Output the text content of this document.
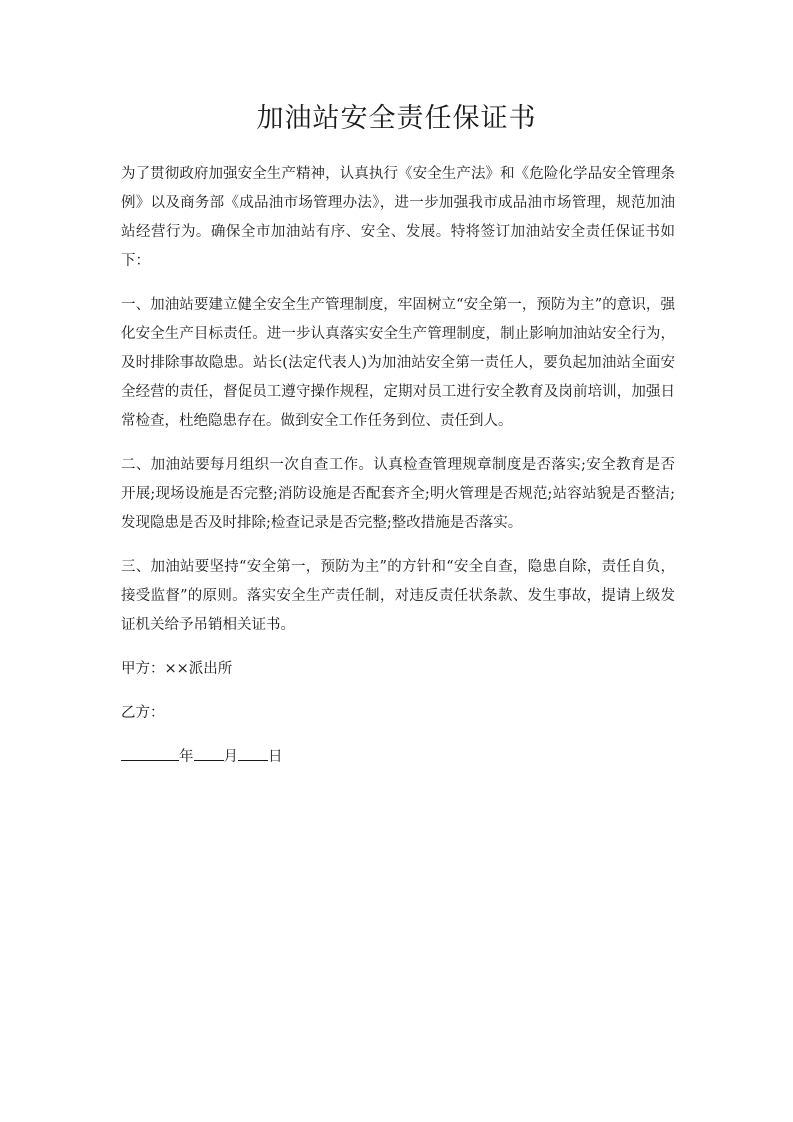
加油站安全责任保证书

为了贯彻政府加强安全生产精神，认真执行《安全生产法》和《危险化学品安全管理条例》以及商务部《成品油市场管理办法》，进一步加强我市成品油市场管理，规范加油站经营行为。确保全市加油站有序、安全、发展。特将签订加油站安全责任保证书如下：

一、加油站要建立健全安全生产管理制度，牢固树立“安全第一，预防为主”的意识，强化安全生产目标责任。进一步认真落实安全生产管理制度，制止影响加油站安全行为，及时排除事故隐患。站长(法定代表人)为加油站安全第一责任人，要负起加油站全面安全经营的责任，督促员工遵守操作规程，定期对员工进行安全教育及岗前培训，加强日常检查，杜绝隐患存在。做到安全工作任务到位、责任到人。

二、加油站要每月组织一次自查工作。认真检查管理规章制度是否落实;安全教育是否开展;现场设施是否完整;消防设施是否配套齐全;明火管理是否规范;站容站貌是否整洁;发现隐患是否及时排除;检查记录是否完整;整改措施是否落实。

三、加油站要坚持“安全第一，预防为主”的方针和“安全自查，隐患自除，责任自负，接受监督”的原则。落实安全生产责任制，对违反责任状条款、发生事故，提请上级发证机关给予吊销相关证书。

甲方：××派出所

乙方：

年 月 日
